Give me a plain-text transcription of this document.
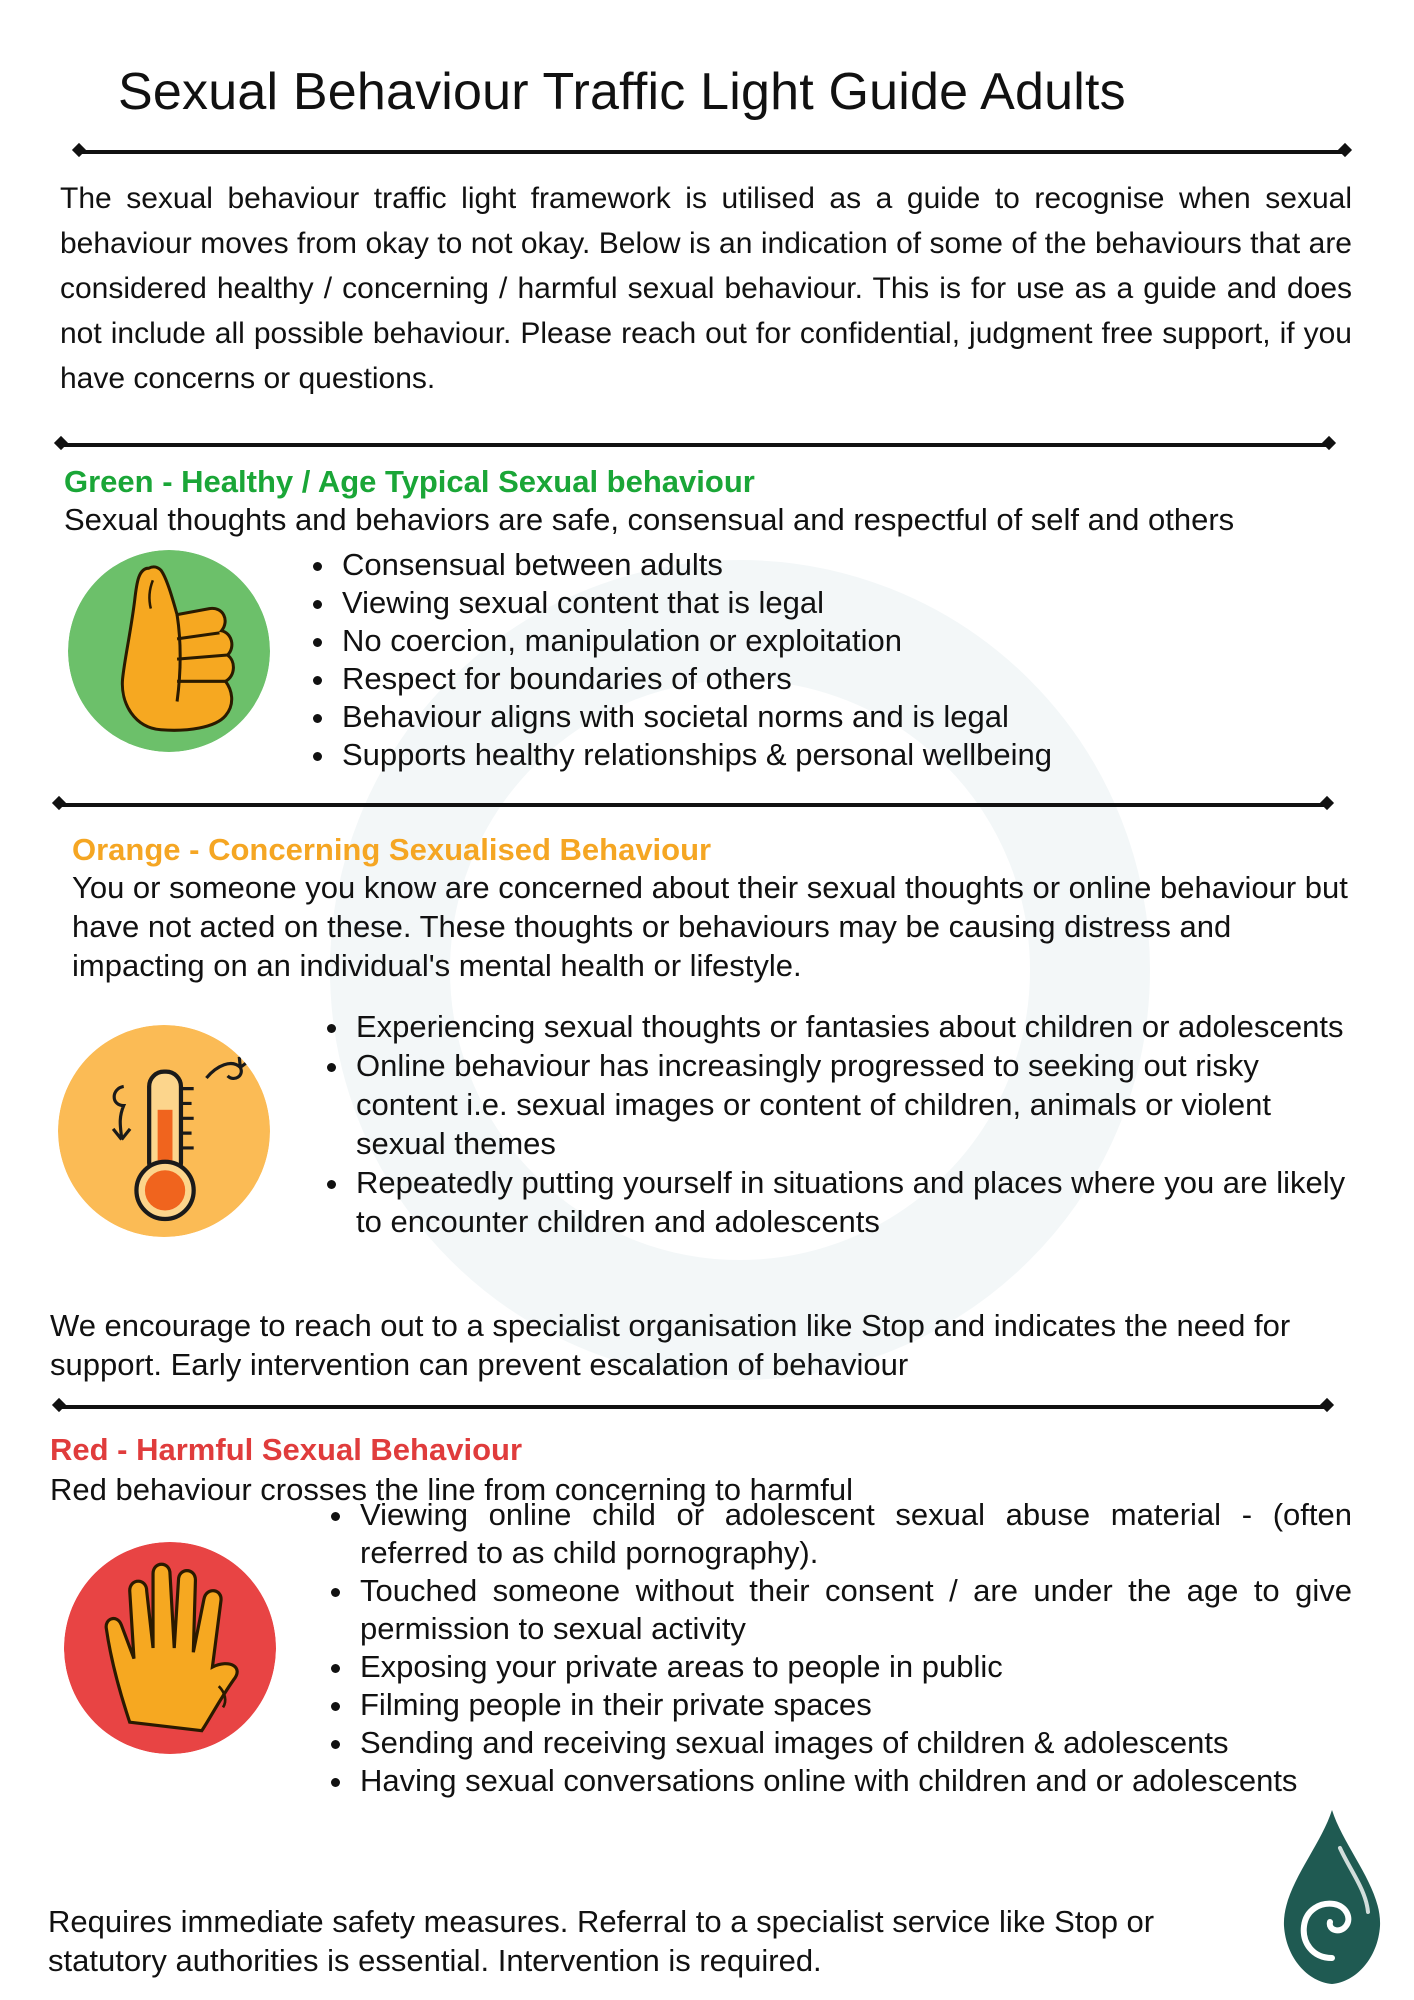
Sexual Behaviour Traffic Light Guide Adults

The sexual behaviour traffic light framework is utilised as a guide to recognise when sexual behaviour moves from okay to not okay. Below is an indication of some of the behaviours that are considered healthy / concerning / harmful sexual behaviour. This is for use as a guide and does not include all possible behaviour. Please reach out for confidential, judgment free support, if you have concerns or questions.

Green - Healthy / Age Typical Sexual behaviour

Sexual thoughts and behaviors are safe, consensual and respectful of self and others

• Consensual between adults
• Viewing sexual content that is legal
• No coercion, manipulation or exploitation
• Respect for boundaries of others
• Behaviour aligns with societal norms and is legal
• Supports healthy relationships & personal wellbeing
Orange - Concerning Sexualised Behaviour

You or someone you know are concerned about their sexual thoughts or online behaviour but have not acted on these. These thoughts or behaviours may be causing distress and impacting on an individual's mental health or lifestyle.

• Experiencing sexual thoughts or fantasies about children or adolescents
• Online behaviour has increasingly progressed to seeking out risky content i.e. sexual images or content of children, animals or violent sexual themes
• Repeatedly putting yourself in situations and places where you are likely to encounter children and adolescents

We encourage to reach out to a specialist organisation like Stop and indicates the need for support. Early intervention can prevent escalation of behaviour

Red - Harmful Sexual Behaviour

Red behaviour crosses the line from concerning to harmful

• Viewing online child or adolescent sexual abuse material - (often referred to as child pornography).
• Touched someone without their consent / are under the age to give permission to sexual activity
• Exposing your private areas to people in public
• Filming people in their private spaces
• Sending and receiving sexual images of children & adolescents
• Having sexual conversations online with children and or adolescents

Requires immediate safety measures. Referral to a specialist service like Stop or statutory authorities is essential. Intervention is required.
